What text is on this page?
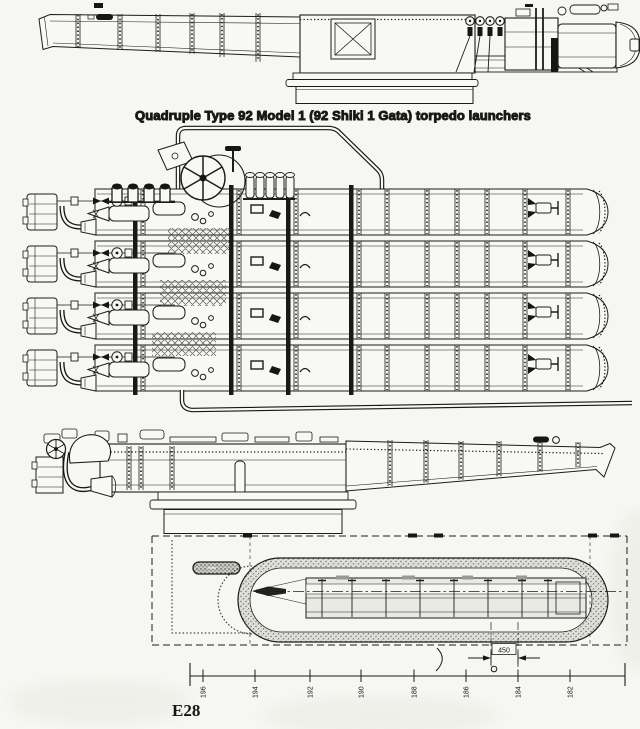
Quadruple Type 92 Model 1 (92 Shiki 1 Gata) torpedo launchers
450
196	194	192	190	188	186	184	182
E28
